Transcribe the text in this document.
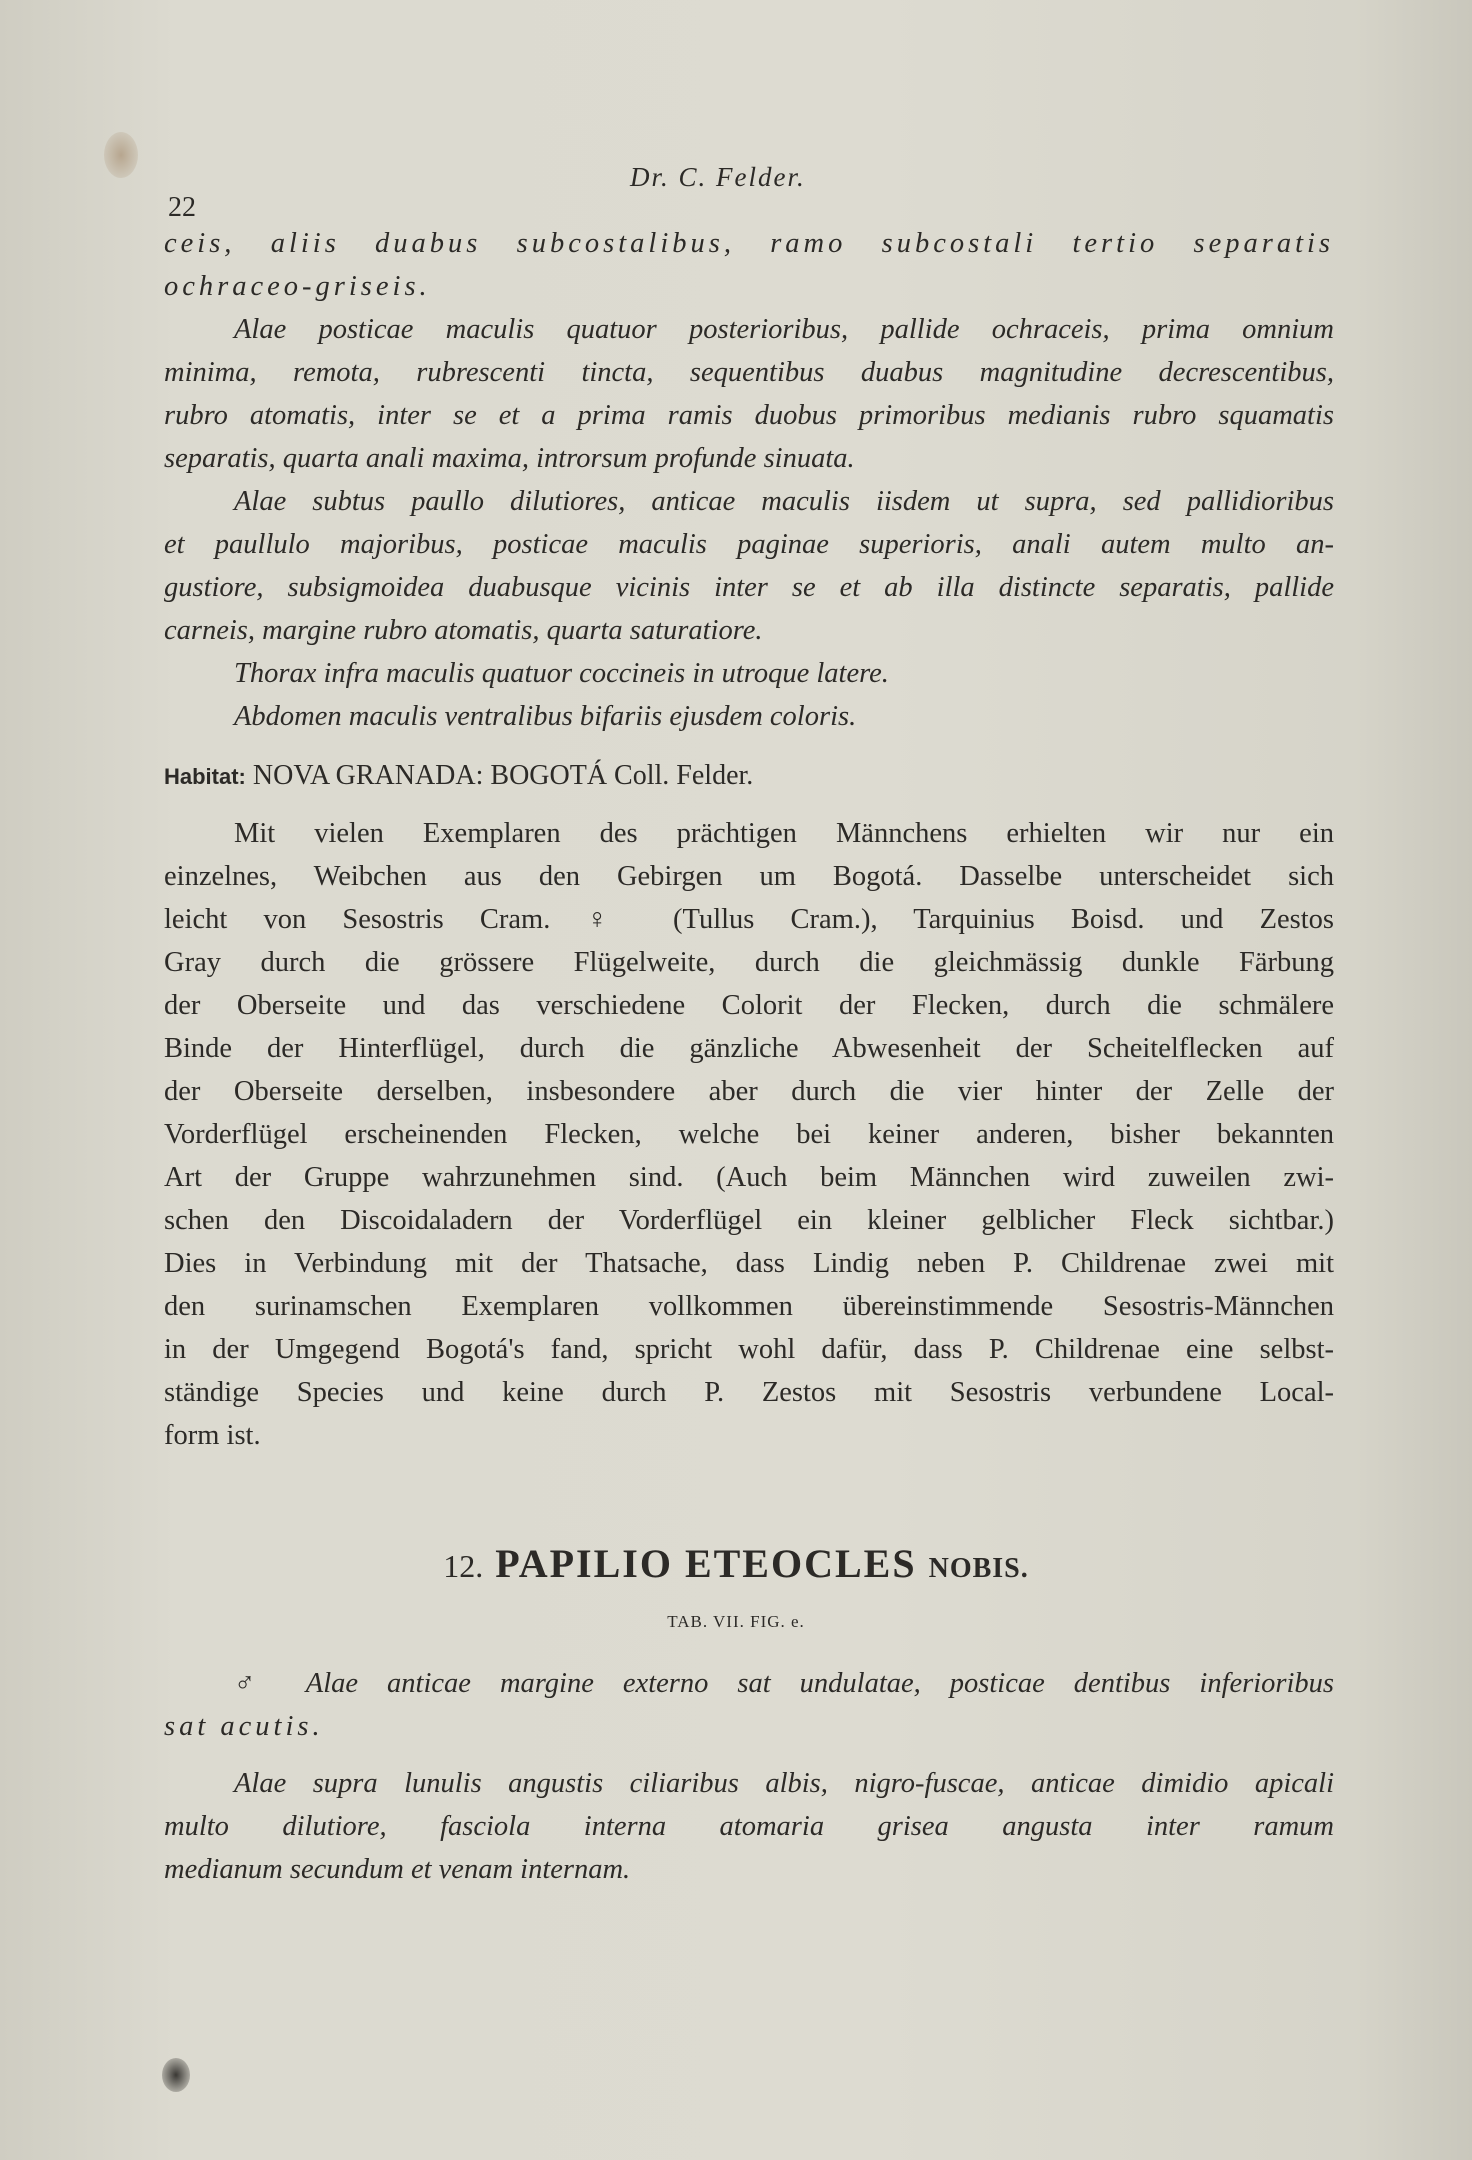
22
Dr. C. Felder.
ceis, aliis duabus subcostalibus, ramo subcostali tertio separatis
ochraceo-griseis.
Alae posticae maculis quatuor posterioribus, pallide ochraceis, prima omnium
minima, remota, rubrescenti tincta, sequentibus duabus magnitudine decrescentibus,
rubro atomatis, inter se et a prima ramis duobus primoribus medianis rubro squamatis
separatis, quarta anali maxima, introrsum profunde sinuata.
Alae subtus paullo dilutiores, anticae maculis iisdem ut supra, sed pallidioribus
et paullulo majoribus, posticae maculis paginae superioris, anali autem multo an-
gustiore, subsigmoidea duabusque vicinis inter se et ab illa distincte separatis, pallide
carneis, margine rubro atomatis, quarta saturatiore.
Thorax infra maculis quatuor coccineis in utroque latere.
Abdomen maculis ventralibus bifariis ejusdem coloris.
Habitat: NOVA GRANADA: BOGOTÁ Coll. Felder.
Mit vielen Exemplaren des prächtigen Männchens erhielten wir nur ein
einzelnes, Weibchen aus den Gebirgen um Bogotá. Dasselbe unterscheidet sich
leicht von Sesostris Cram. ♀ (Tullus Cram.), Tarquinius Boisd. und Zestos
Gray durch die grössere Flügelweite, durch die gleichmässig dunkle Färbung
der Oberseite und das verschiedene Colorit der Flecken, durch die schmälere
Binde der Hinterflügel, durch die gänzliche Abwesenheit der Scheitelflecken auf
der Oberseite derselben, insbesondere aber durch die vier hinter der Zelle der
Vorderflügel erscheinenden Flecken, welche bei keiner anderen, bisher bekannten
Art der Gruppe wahrzunehmen sind. (Auch beim Männchen wird zuweilen zwi-
schen den Discoidaladern der Vorderflügel ein kleiner gelblicher Fleck sichtbar.)
Dies in Verbindung mit der Thatsache, dass Lindig neben P. Childrenae zwei mit
den surinamschen Exemplaren vollkommen übereinstimmende Sesostris-Männchen
in der Umgegend Bogotá's fand, spricht wohl dafür, dass P. Childrenae eine selbst-
ständige Species und keine durch P. Zestos mit Sesostris verbundene Local-
form ist.
12. PAPILIO ETEOCLES NOBIS.
TAB. VII. FIG. e.
♂ Alae anticae margine externo sat undulatae, posticae dentibus inferioribus
sat acutis.
Alae supra lunulis angustis ciliaribus albis, nigro-fuscae, anticae dimidio apicali
multo dilutiore, fasciola interna atomaria grisea angusta inter ramum
medianum secundum et venam internam.
